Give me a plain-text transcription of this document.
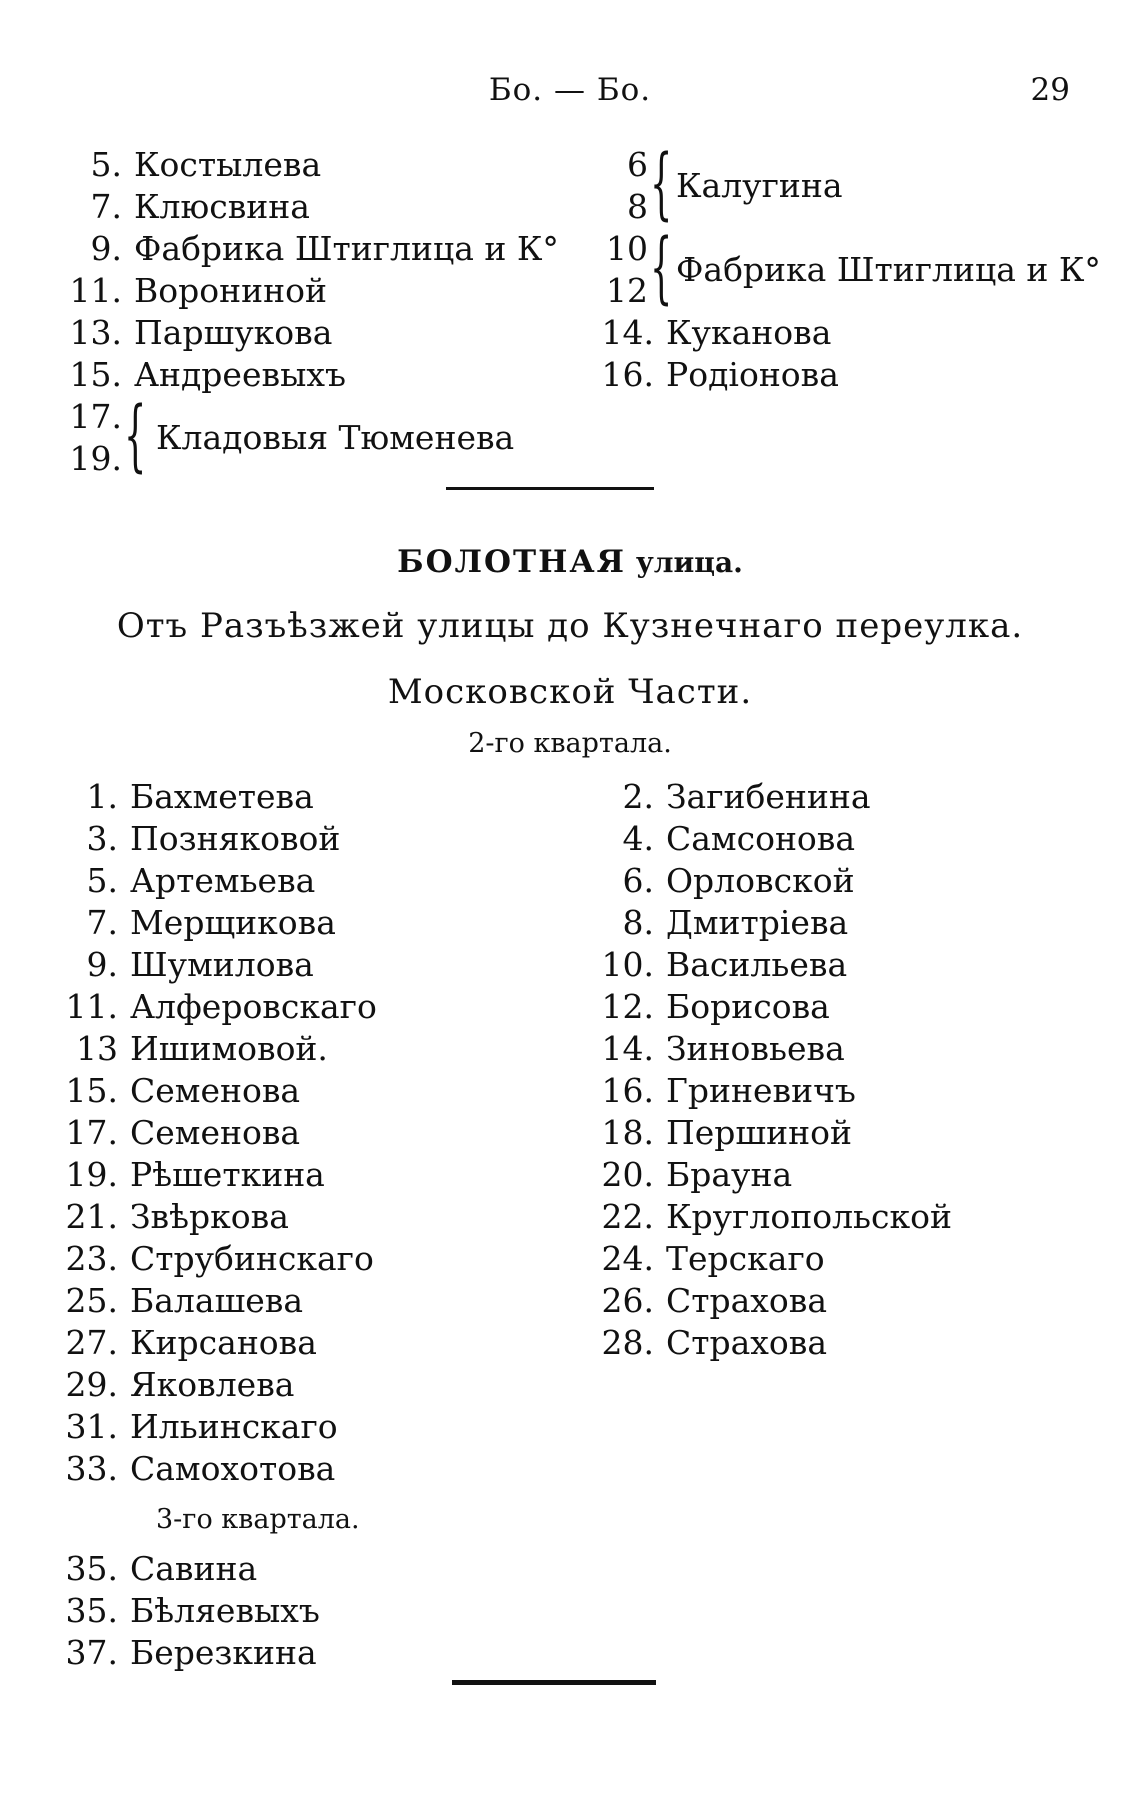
Бо. — Бо.	29
5. Костылева
7. Клюсвина
9. Фабрика Штиглица и К°
11. Ворониной
13. Паршукова
15. Андреевыхъ
17.
19. { Кладовыя Тюменева
6
8 { Калугина
10
12 { Фабрика Штиглица и К°
14. Куканова
16. Родіонова
БОЛОТНАЯ улица.
Отъ Разъѣзжей улицы до Кузнечнаго переулка.
Московской Части.
2-го квартала.
1. Бахметева
3. Позняковой
5. Артемьева
7. Мерщикова
9. Шумилова
11. Алферовскаго
13 Ишимовой.
15. Семенова
17. Семенова
19. Рѣшеткина
21. Звѣркова
23. Струбинскаго
25. Балашева
27. Кирсанова
29. Яковлева
31. Ильинскаго
33. Самохотова
2. Загибенина
4. Самсонова
6. Орловской
8. Дмитріева
10. Васильева
12. Борисова
14. Зиновьева
16. Гриневичъ
18. Першиной
20. Брауна
22. Круглопольской
24. Терскаго
26. Страхова
28. Страхова
3-го квартала.
35. Савина
35. Бѣляевыхъ
37. Березкина
